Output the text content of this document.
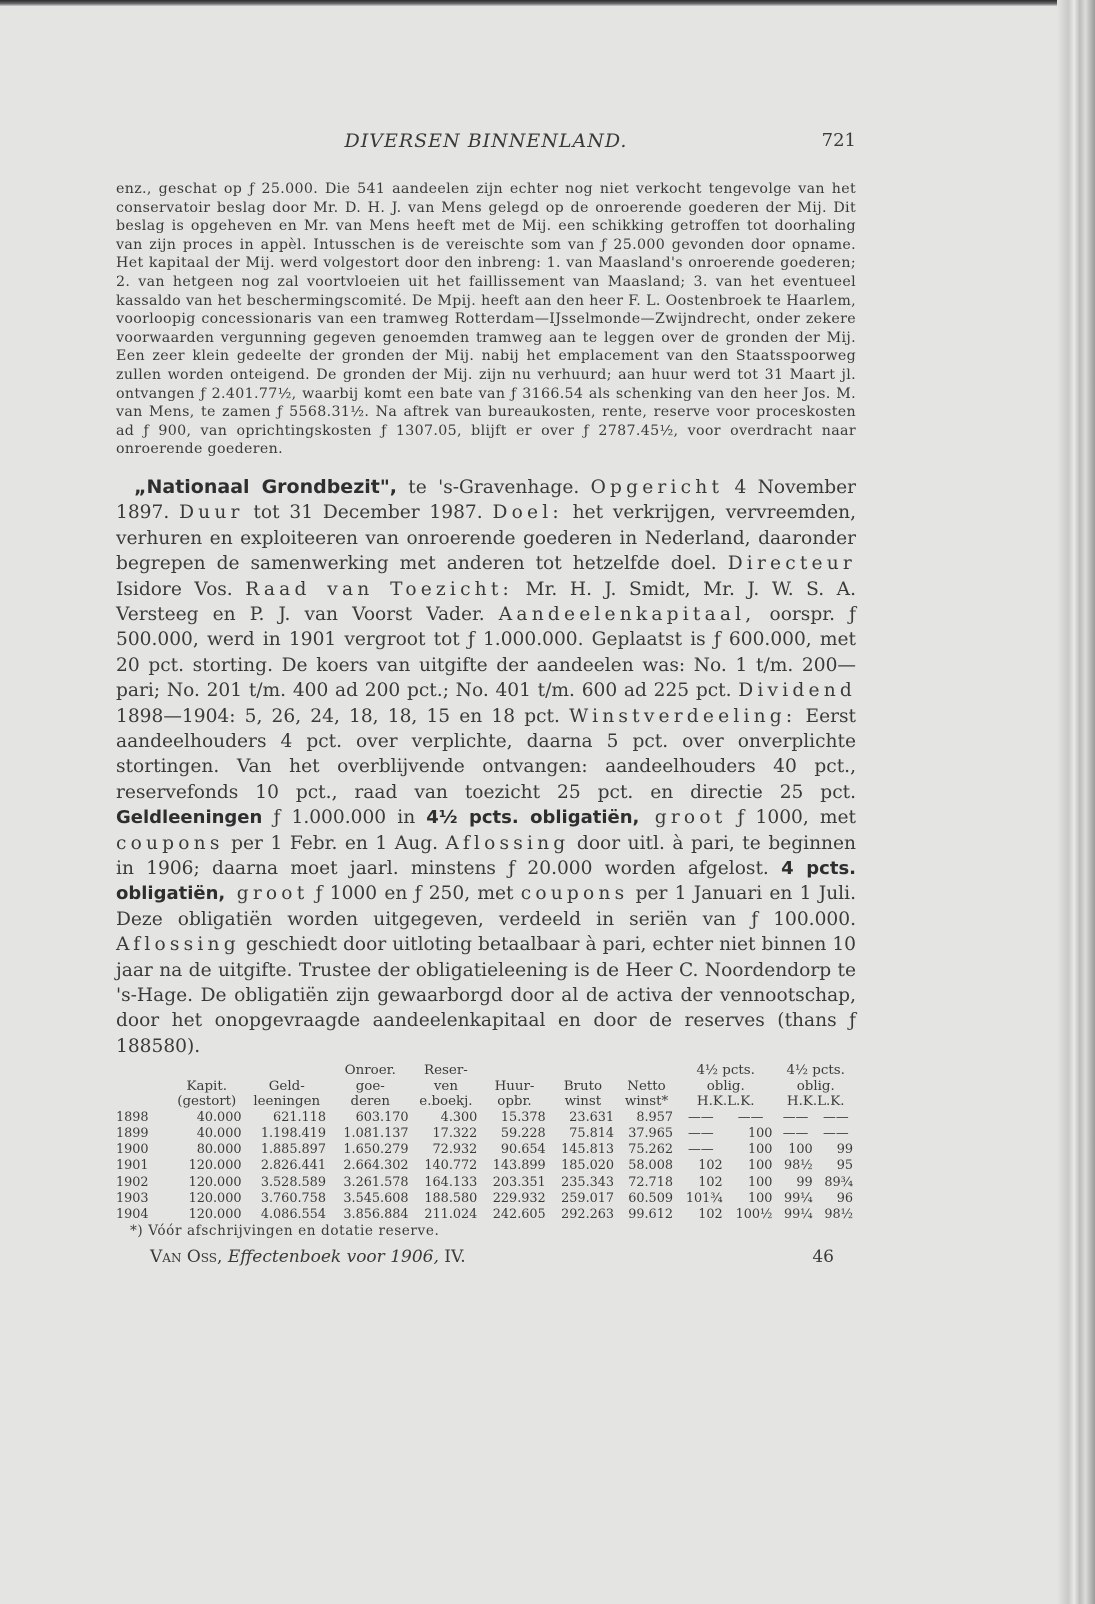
DIVERSEN BINNENLAND.	721

enz., geschat op ƒ 25.000. Die 541 aandeelen zijn echter nog niet verkocht tengevolge van het conservatoir beslag door Mr. D. H. J. van Mens gelegd op de onroerende goederen der Mij. Dit beslag is opgeheven en Mr. van Mens heeft met de Mij. een schikking getroffen tot doorhaling van zijn proces in appèl. Intusschen is de vereischte som van ƒ 25.000 gevonden door opname. Het kapitaal der Mij. werd volgestort door den inbreng: 1. van Maasland's onroerende goederen; 2. van hetgeen nog zal voortvloeien uit het faillissement van Maasland; 3. van het eventueel kassaldo van het beschermingscomité. De Mpij. heeft aan den heer F. L. Oostenbroek te Haarlem, voorloopig concessionaris van een tramweg Rotterdam—IJsselmonde—Zwijndrecht, onder zekere voorwaarden vergunning gegeven genoemden tramweg aan te leggen over de gronden der Mij. Een zeer klein gedeelte der gronden der Mij. nabij het emplacement van den Staatsspoorweg zullen worden onteigend. De gronden der Mij. zijn nu verhuurd; aan huur werd tot 31 Maart jl. ontvangen ƒ 2.401.77½, waarbij komt een bate van ƒ 3166.54 als schenking van den heer Jos. M. van Mens, te zamen ƒ 5568.31½. Na aftrek van bureaukosten, rente, reserve voor proceskosten ad ƒ 900, van oprichtingskosten ƒ 1307.05, blijft er over ƒ 2787.45½, voor overdracht naar onroerende goederen.

„Nationaal Grondbezit", te 's-Gravenhage. Opgericht 4 November 1897. Duur tot 31 December 1987. Doel: het verkrijgen, vervreemden, verhuren en exploiteeren van onroerende goederen in Nederland, daaronder begrepen de samenwerking met anderen tot hetzelfde doel. Directeur Isidore Vos. Raad van Toezicht: Mr. H. J. Smidt, Mr. J. W. S. A. Versteeg en P. J. van Voorst Vader. Aandeelenkapitaal, oorspr. ƒ 500.000, werd in 1901 vergroot tot ƒ 1.000.000. Geplaatst is ƒ 600.000, met 20 pct. storting. De koers van uitgifte der aandeelen was: No. 1 t/m. 200—pari; No. 201 t/m. 400 ad 200 pct.; No. 401 t/m. 600 ad 225 pct. Dividend 1898—1904: 5, 26, 24, 18, 18, 15 en 18 pct. Winstverdeeling: Eerst aandeelhouders 4 pct. over verplichte, daarna 5 pct. over onverplichte stortingen. Van het overblijvende ontvangen: aandeelhouders 40 pct., reservefonds 10 pct., raad van toezicht 25 pct. en directie 25 pct. Geldleeningen ƒ 1.000.000 in 4½ pcts. obligatiën, groot ƒ 1000, met coupons per 1 Febr. en 1 Aug. Aflossing door uitl. à pari, te beginnen in 1906; daarna moet jaarl. minstens ƒ 20.000 worden afgelost. 4 pcts. obligatiën, groot ƒ 1000 en ƒ 250, met coupons per 1 Januari en 1 Juli. Deze obligatiën worden uitgegeven, verdeeld in seriën van ƒ 100.000. Aflossing geschiedt door uitloting betaalbaar à pari, echter niet binnen 10 jaar na de uitgifte. Trustee der obligatieleening is de Heer C. Noordendorp te 's-Hage. De obligatiën zijn gewaarborgd door al de activa der vennootschap, door het onopgevraagde aandeelenkapitaal en door de reserves (thans ƒ 188580).

			Onroer.	Reser-				4½ pcts.		4½ pcts.	
	Kapit.	Geld-	goe-	ven	Huur-	Bruto	Netto	oblig.		oblig.	
	(gestort)	leeningen	deren	e.boekj.	opbr.	winst	winst*	H.K.L.K.		H.K.L.K.	
1898	40.000	621.118	603.170	4.300	15.378	23.631	8.957	——	——	——	——
1899	40.000	1.198.419	1.081.137	17.322	59.228	75.814	37.965	——	100	——	——
1900	80.000	1.885.897	1.650.279	72.932	90.654	145.813	75.262	——	100	100	99
1901	120.000	2.826.441	2.664.302	140.772	143.899	185.020	58.008	102	100	98½	95
1902	120.000	3.528.589	3.261.578	164.133	203.351	235.343	72.718	102	100	99	89¾
1903	120.000	3.760.758	3.545.608	188.580	229.932	259.017	60.509	101¾	100	99¼	96
1904	120.000	4.086.554	3.856.884	211.024	242.605	292.263	99.612	102	100½	99¼	98½

*) Vóór afschrijvingen en dotatie reserve.

Van Oss, Effectenboek voor 1906, IV.	46
